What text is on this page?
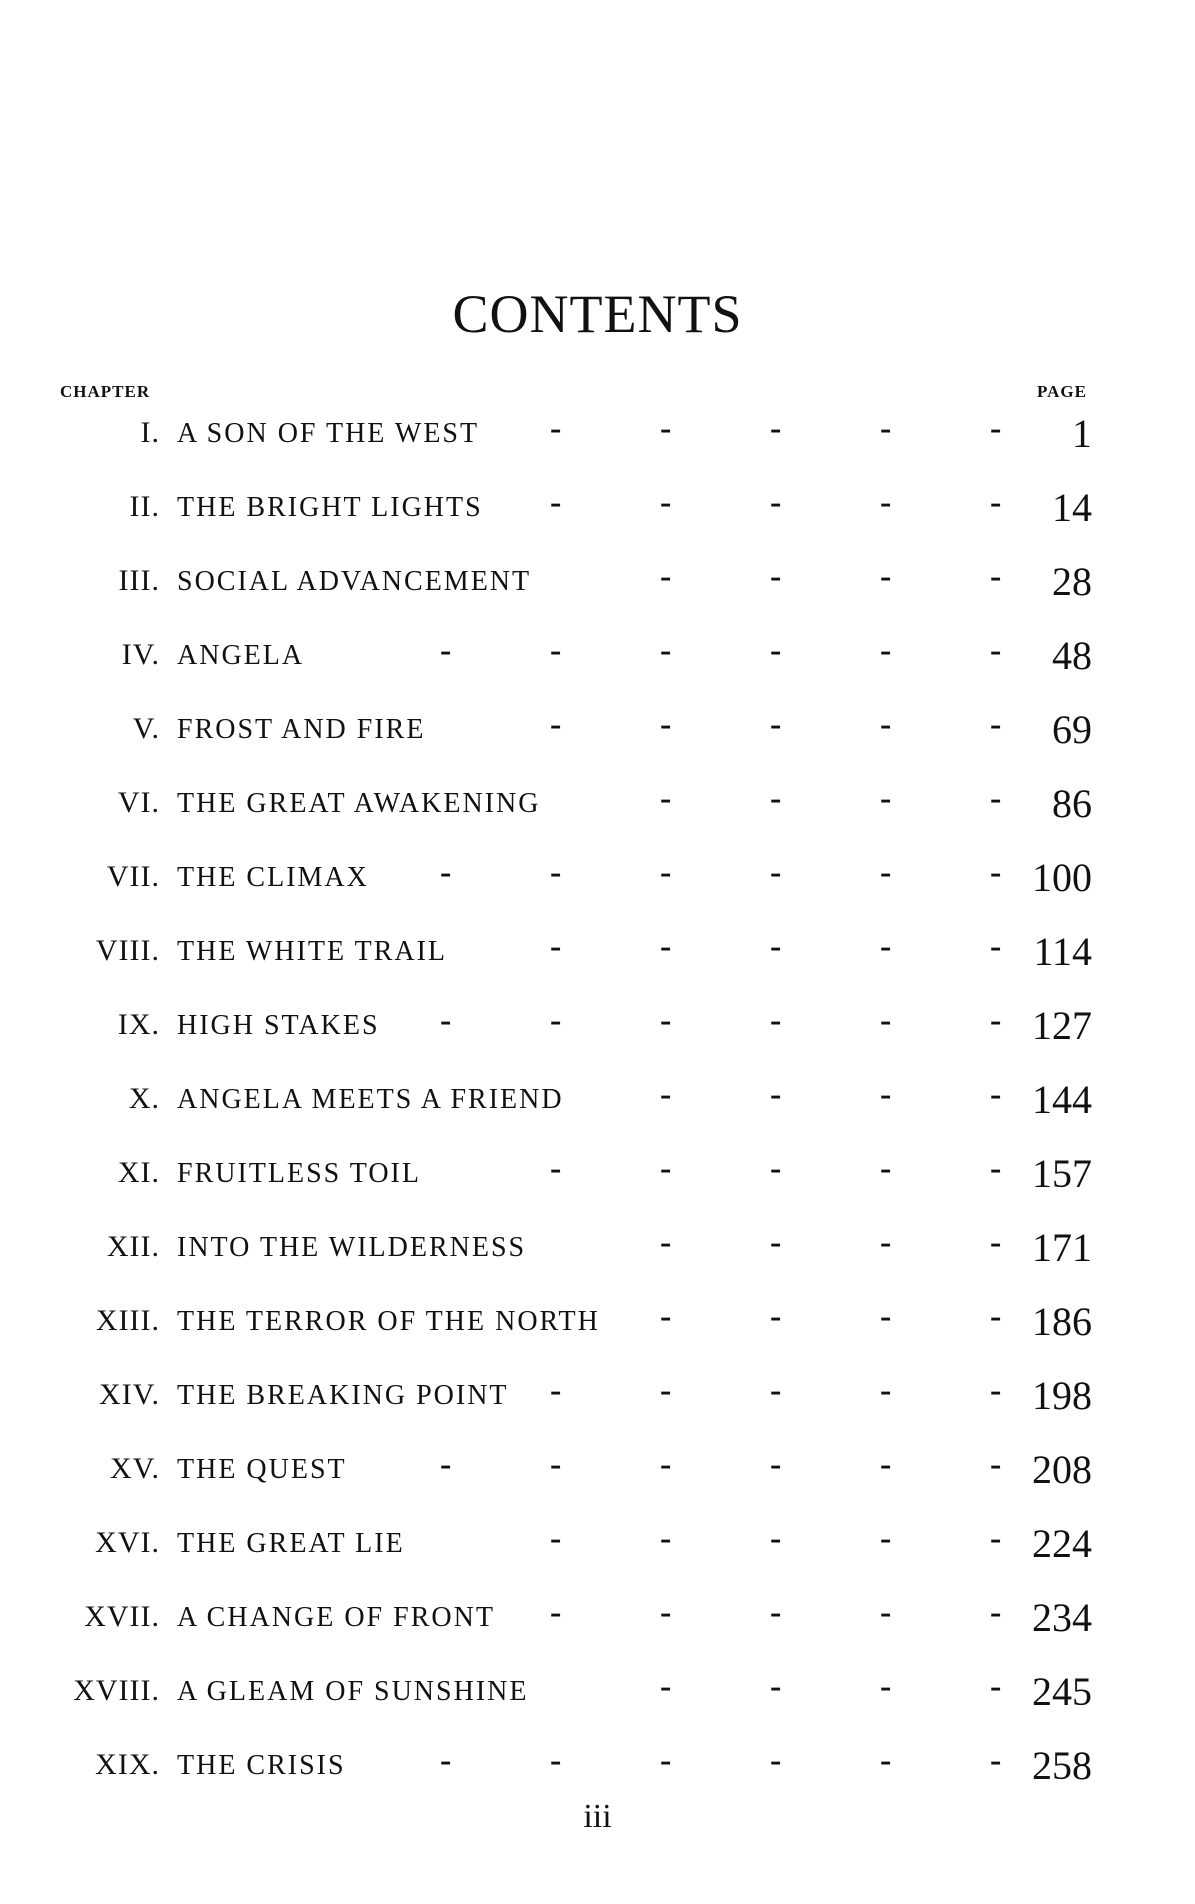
CONTENTS
CHAPTER	PAGE
I. A SON OF THE WEST	1
-	-	-	-	-
II. THE BRIGHT LIGHTS	14
-	-	-	-	-
III. SOCIAL ADVANCEMENT	28
-	-	-	-
IV. ANGELA	48
-	-	-	-	-	-
V. FROST AND FIRE	69
-	-	-	-	-
VI. THE GREAT AWAKENING	86
-	-	-	-
VII. THE CLIMAX	100
-	-	-	-	-	-
VIII. THE WHITE TRAIL	114
-	-	-	-	-
IX. HIGH STAKES	127
-	-	-	-	-	-
X. ANGELA MEETS A FRIEND	144
-	-	-	-
XI. FRUITLESS TOIL	157
-	-	-	-	-
XII. INTO THE WILDERNESS	171
-	-	-	-
XIII. THE TERROR OF THE NORTH	186
-	-	-	-
XIV. THE BREAKING POINT	198
-	-	-	-	-
XV. THE QUEST	208
-	-	-	-	-	-
XVI. THE GREAT LIE	224
-	-	-	-	-
XVII. A CHANGE OF FRONT	234
-	-	-	-	-
XVIII. A GLEAM OF SUNSHINE	245
-	-	-	-
XIX. THE CRISIS	258
-	-	-	-	-	-
iii
